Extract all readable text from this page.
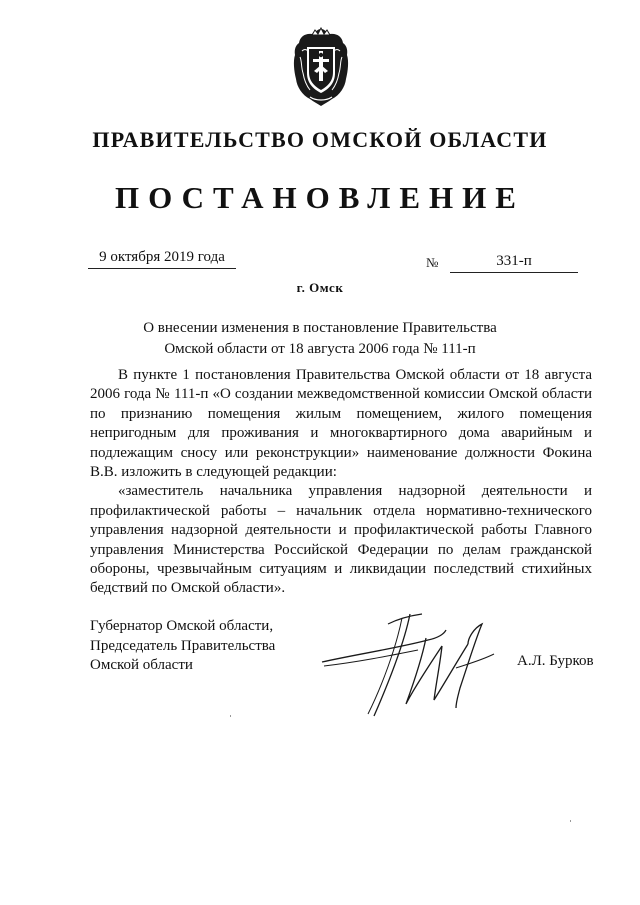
ПРАВИТЕЛЬСТВО ОМСКОЙ ОБЛАСТИ
ПОСТАНОВЛЕНИЕ
9 октября 2019 года	№	331-п
г. Омск
О внесении изменения в постановление Правительства
Омской области от 18 августа 2006 года № 111-п

В пункте 1 постановления Правительства Омской области от 18 августа 2006 года № 111-п «О создании межведомственной комиссии Омской области по признанию помещения жилым помещением, жилого помещения непригодным для проживания и многоквартирного дома аварийным и подлежащим сносу или реконструкции» наименование должности Фокина В.В. изложить в следующей редакции:

«заместитель начальника управления надзорной деятельности и профилактической работы – начальник отдела нормативно-технического управления надзорной деятельности и профилактической работы Главного управления Министерства Российской Федерации по делам гражданской обороны, чрезвычайным ситуациям и ликвидации последствий стихийных бедствий по Омской области».

Губернатор Омской области,
Председатель Правительства
Омской области	А.Л. Бурков
